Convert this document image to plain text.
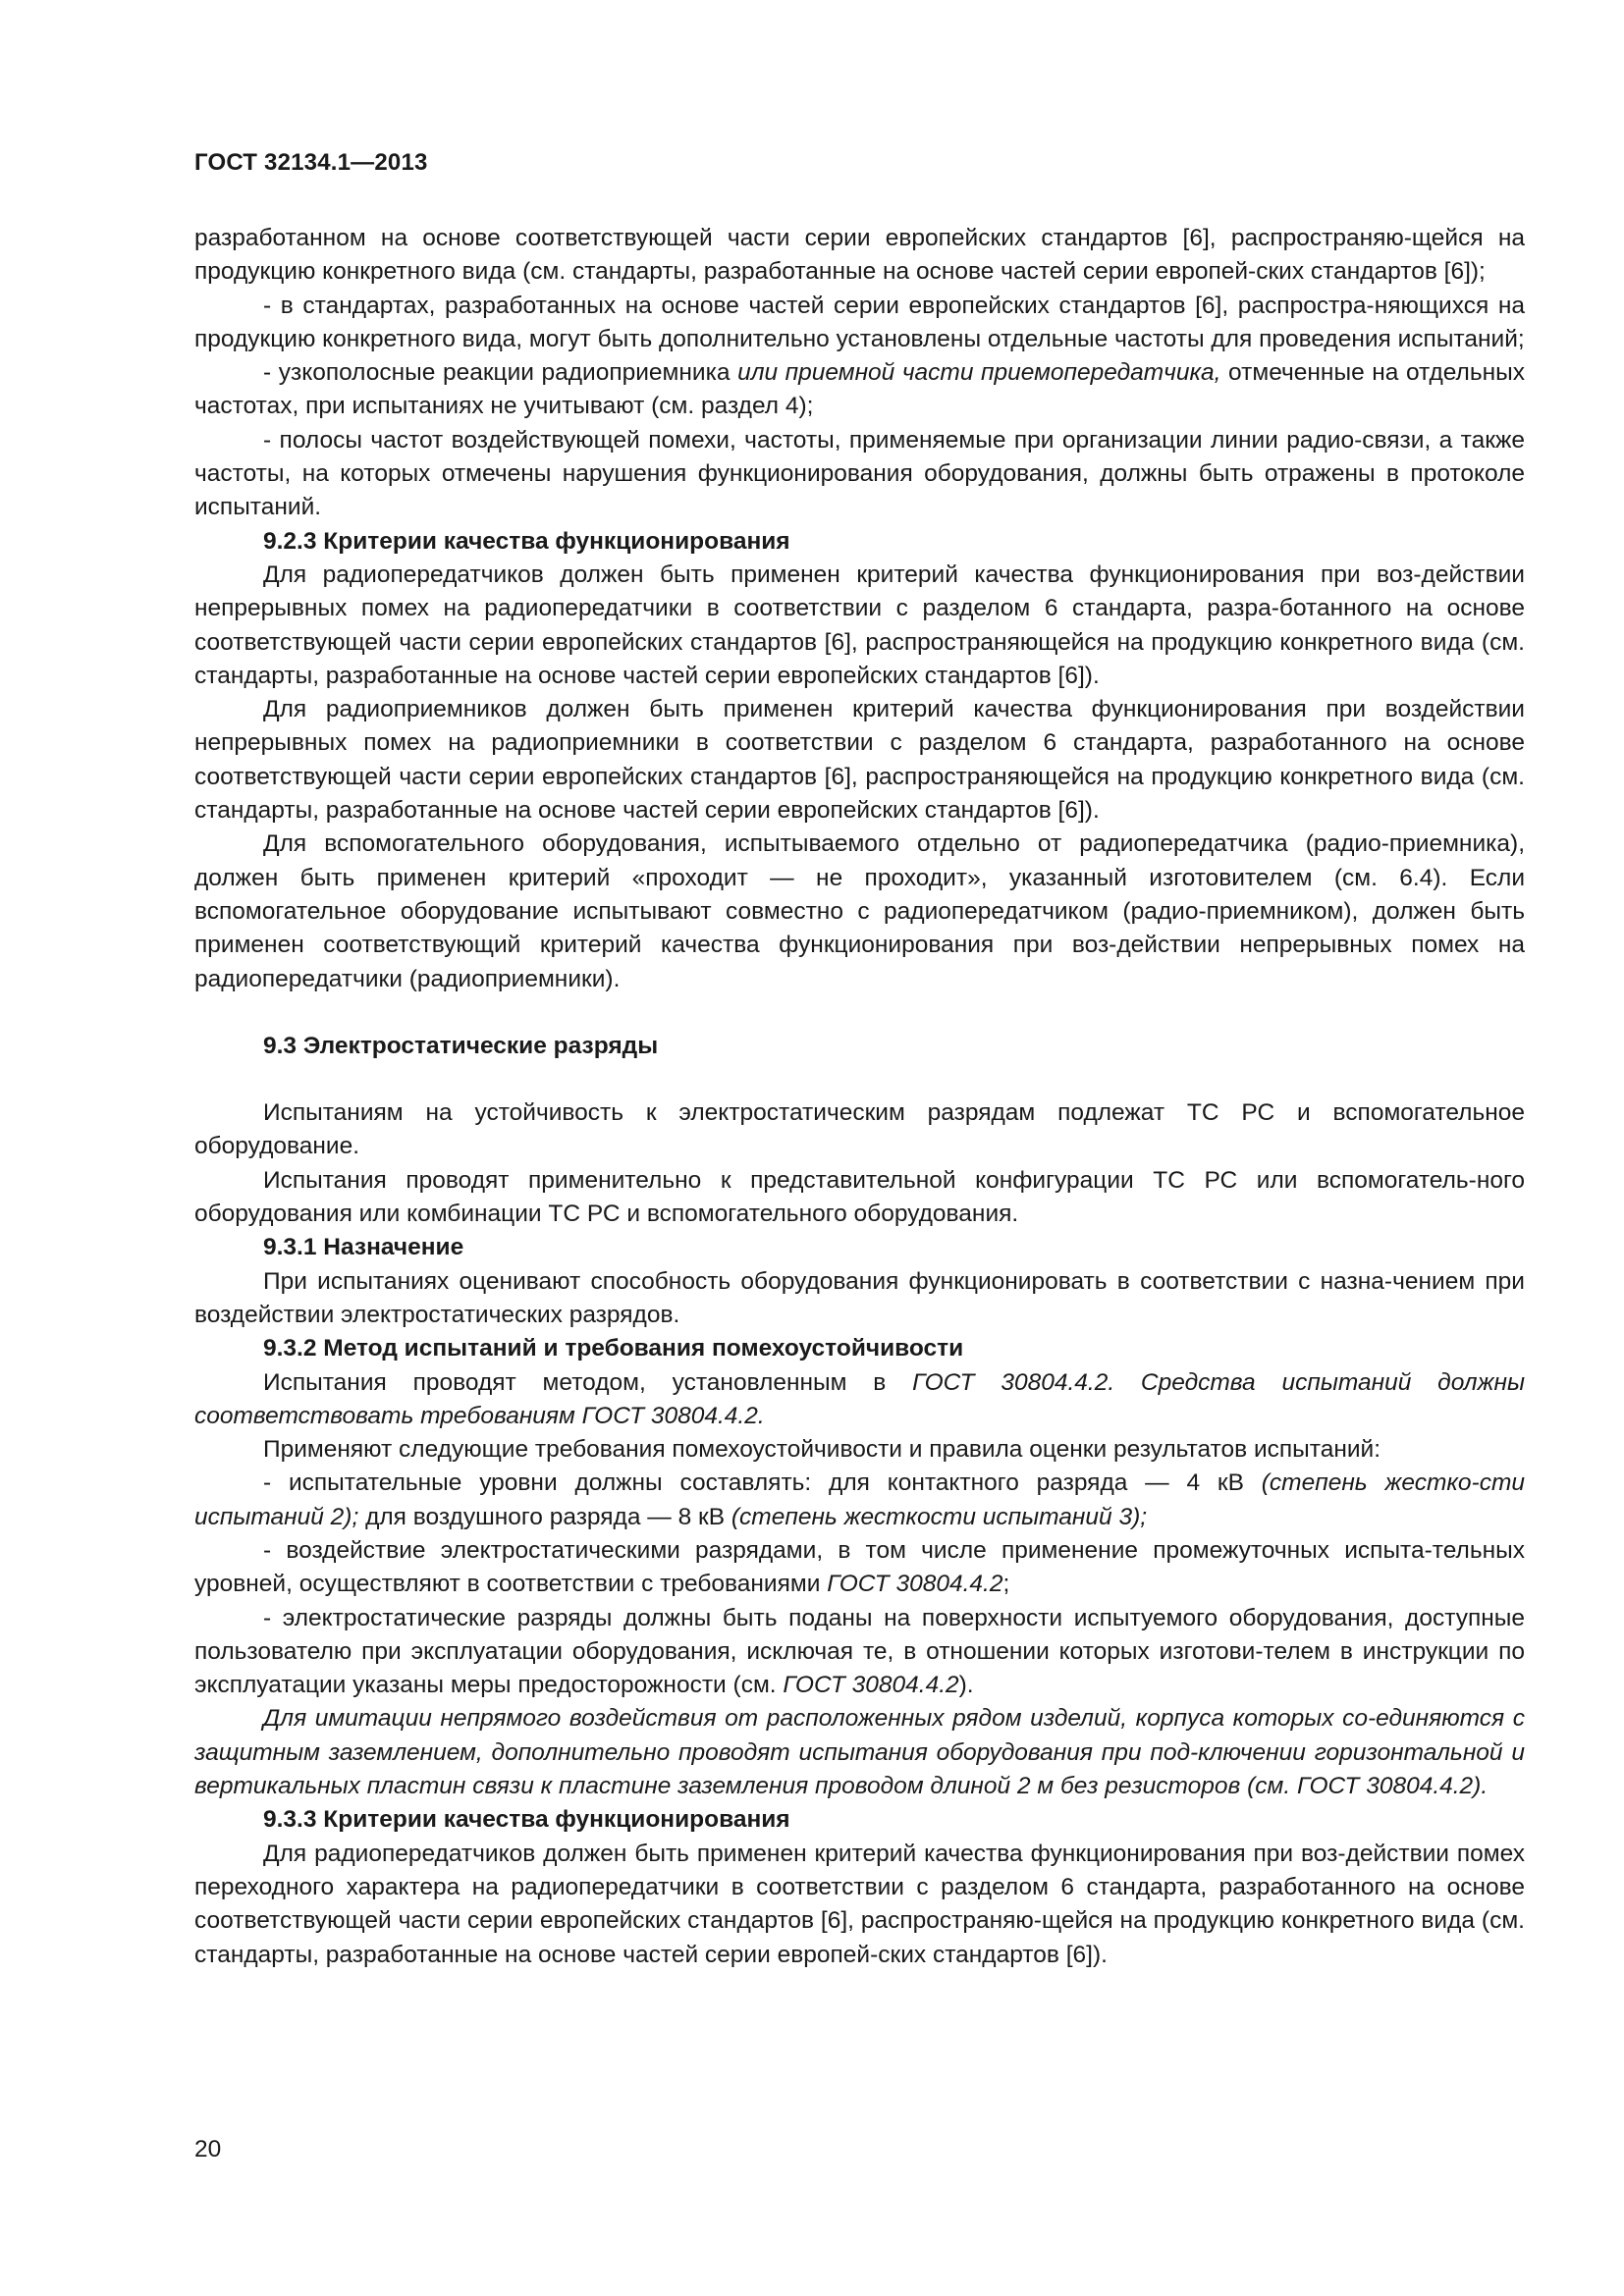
ГОСТ 32134.1—2013

разработанном на основе соответствующей части серии европейских стандартов [6], распространяю-щейся на продукцию конкретного вида (см. стандарты, разработанные на основе частей серии европей-ских стандартов [6]);

- в стандартах, разработанных на основе частей серии европейских стандартов [6], распростра-няющихся на продукцию конкретного вида, могут быть дополнительно установлены отдельные частоты для проведения испытаний;

- узкополосные реакции радиоприемника или приемной части приемопередатчика, отмеченные на отдельных частотах, при испытаниях не учитывают (см. раздел 4);

- полосы частот воздействующей помехи, частоты, применяемые при организации линии радио-связи, а также частоты, на которых отмечены нарушения функционирования оборудования, должны быть отражены в протоколе испытаний.

9.2.3 Критерии качества функционирования

Для радиопередатчиков должен быть применен критерий качества функционирования при воз-действии непрерывных помех на радиопередатчики в соответствии с разделом 6 стандарта, разра-ботанного на основе соответствующей части серии европейских стандартов [6], распространяющейся на продукцию конкретного вида (см. стандарты, разработанные на основе частей серии европейских стандартов [6]).

Для радиоприемников должен быть применен критерий качества функционирования при воздействии непрерывных помех на радиоприемники в соответствии с разделом 6 стандарта, разработанного на основе соответствующей части серии европейских стандартов [6], распространяющейся на продукцию конкретного вида (см. стандарты, разработанные на основе частей серии европейских стандартов [6]).

Для вспомогательного оборудования, испытываемого отдельно от радиопередатчика (радио-приемника), должен быть применен критерий «проходит — не проходит», указанный изготовителем (см. 6.4). Если вспомогательное оборудование испытывают совместно с радиопередатчиком (радио-приемником), должен быть применен соответствующий критерий качества функционирования при воз-действии непрерывных помех на радиопередатчики (радиоприемники).

9.3 Электростатические разряды

Испытаниям на устойчивость к электростатическим разрядам подлежат ТС РС и вспомогательное оборудование.

Испытания проводят применительно к представительной конфигурации ТС РС или вспомогатель-ного оборудования или комбинации ТС РС и вспомогательного оборудования.

9.3.1 Назначение

При испытаниях оценивают способность оборудования функционировать в соответствии с назна-чением при воздействии электростатических разрядов.

9.3.2 Метод испытаний и требования помехоустойчивости

Испытания проводят методом, установленным в ГОСТ 30804.4.2. Средства испытаний должны соответствовать требованиям ГОСТ 30804.4.2.

Применяют следующие требования помехоустойчивости и правила оценки результатов испытаний:

- испытательные уровни должны составлять: для контактного разряда — 4 кВ (степень жестко-сти испытаний 2); для воздушного разряда — 8 кВ (степень жесткости испытаний 3);

- воздействие электростатическими разрядами, в том числе применение промежуточных испыта-тельных уровней, осуществляют в соответствии с требованиями ГОСТ 30804.4.2;

- электростатические разряды должны быть поданы на поверхности испытуемого оборудования, доступные пользователю при эксплуатации оборудования, исключая те, в отношении которых изготови-телем в инструкции по эксплуатации указаны меры предосторожности (см. ГОСТ 30804.4.2).

Для имитации непрямого воздействия от расположенных рядом изделий, корпуса которых со-единяются с защитным заземлением, дополнительно проводят испытания оборудования при под-ключении горизонтальной и вертикальных пластин связи к пластине заземления проводом длиной 2 м без резисторов (см. ГОСТ 30804.4.2).

9.3.3 Критерии качества функционирования

Для радиопередатчиков должен быть применен критерий качества функционирования при воз-действии помех переходного характера на радиопередатчики в соответствии с разделом 6 стандарта, разработанного на основе соответствующей части серии европейских стандартов [6], распространяю-щейся на продукцию конкретного вида (см. стандарты, разработанные на основе частей серии европей-ских стандартов [6]).

20
